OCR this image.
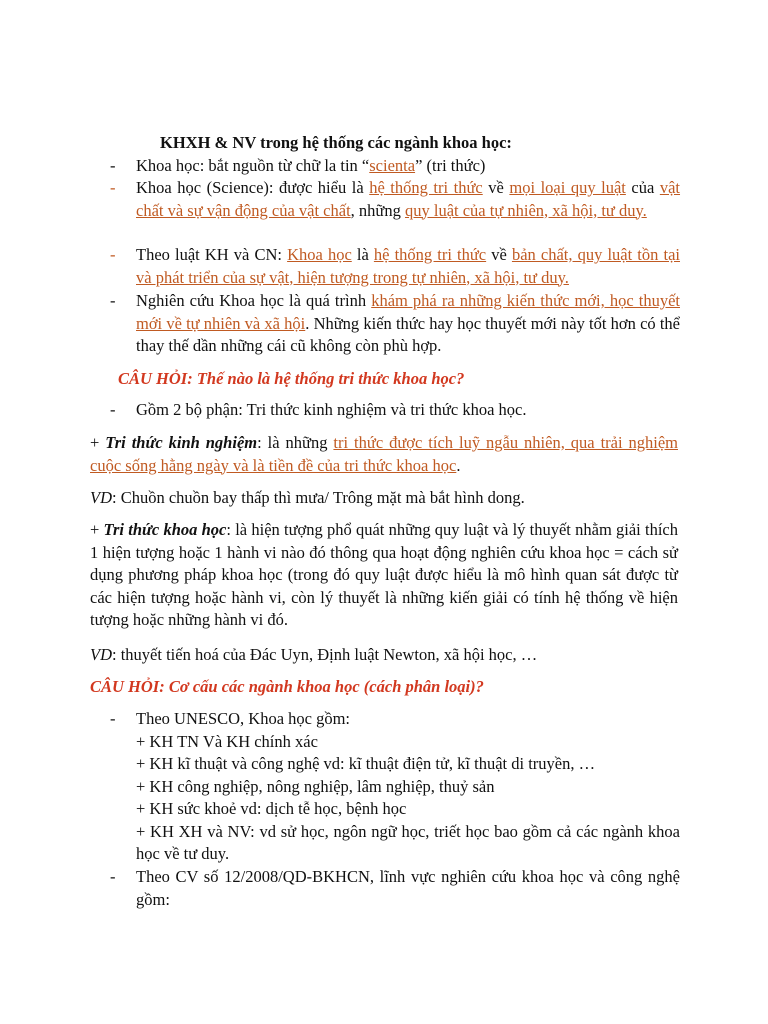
KHXH & NV trong hệ thống các ngành khoa học:
-	Khoa học: bắt nguồn từ chữ la tin “scienta” (tri thức)
-	Khoa học (Science): được hiểu là hệ thống tri thức về mọi loại quy luật của vật chất và sự vận động của vật chất, những quy luật của tự nhiên, xã hội, tư duy.
-	Theo luật KH và CN: Khoa học là hệ thống tri thức về bản chất, quy luật tồn tại và phát triển của sự vật, hiện tượng trong tự nhiên, xã hội, tư duy.
-	Nghiên cứu Khoa học là quá trình khám phá ra những kiến thức mới, học thuyết mới về tự nhiên và xã hội. Những kiến thức hay học thuyết mới này tốt hơn có thể thay thế dần những cái cũ không còn phù hợp.
CÂU HỎI: Thế nào là hệ thống tri thức khoa học?
-	Gồm 2 bộ phận: Tri thức kinh nghiệm và tri thức khoa học.
+ Tri thức kinh nghiệm: là những tri thức được tích luỹ ngẫu nhiên, qua trải nghiệm cuộc sống hằng ngày và là tiền đề của tri thức khoa học.
VD: Chuồn chuồn bay thấp thì mưa/ Trông mặt mà bắt hình dong.
+ Tri thức khoa học: là hiện tượng phổ quát những quy luật và lý thuyết nhằm giải thích 1 hiện tượng hoặc 1 hành vi nào đó thông qua hoạt động nghiên cứu khoa học = cách sử dụng phương pháp khoa học (trong đó quy luật được hiểu là mô hình quan sát được từ các hiện tượng hoặc hành vi, còn lý thuyết là những kiến giải có tính hệ thống về hiện tượng hoặc những hành vi đó.
VD: thuyết tiến hoá của Đác Uyn, Định luật Newton, xã hội học, …
CÂU HỎI: Cơ cấu các ngành khoa học (cách phân loại)?
-	Theo UNESCO, Khoa học gồm:
+ KH TN Và KH chính xác
+ KH kĩ thuật và công nghệ vd: kĩ thuật điện tử, kĩ thuật di truyền, …
+ KH công nghiệp, nông nghiệp, lâm nghiệp, thuỷ sản
+ KH sức khoẻ vd: dịch tễ học, bệnh học
+ KH XH và NV: vd sử học, ngôn ngữ học, triết học bao gồm cả các ngành khoa học về tư duy.
-	Theo CV số 12/2008/QD-BKHCN, lĩnh vực nghiên cứu khoa học và công nghệ gồm:
